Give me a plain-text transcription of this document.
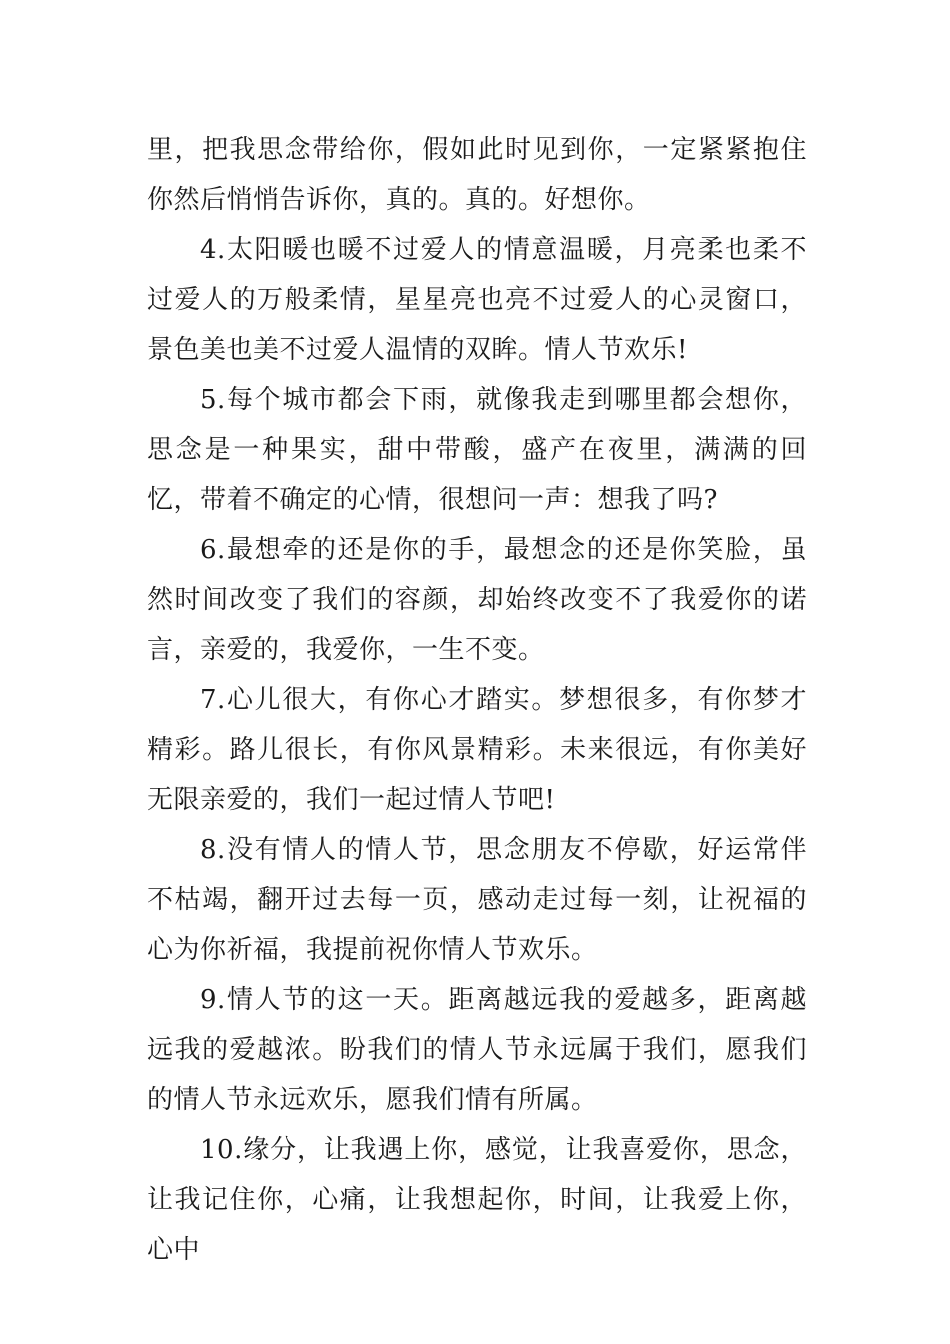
里，把我思念带给你，假如此时见到你，一定紧紧抱住你然后悄悄告诉你，真的。真的。好想你。

4.太阳暖也暖不过爱人的情意温暖，月亮柔也柔不过爱人的万般柔情，星星亮也亮不过爱人的心灵窗口，景色美也美不过爱人温情的双眸。情人节欢乐!

5.每个城市都会下雨，就像我走到哪里都会想你，思念是一种果实，甜中带酸，盛产在夜里，满满的回忆，带着不确定的心情，很想问一声：想我了吗?

6.最想牵的还是你的手，最想念的还是你笑脸，虽然时间改变了我们的容颜，却始终改变不了我爱你的诺言，亲爱的，我爱你，一生不变。

7.心儿很大，有你心才踏实。梦想很多，有你梦才精彩。路儿很长，有你风景精彩。未来很远，有你美好无限亲爱的，我们一起过情人节吧!

8.没有情人的情人节，思念朋友不停歇，好运常伴不枯竭，翻开过去每一页，感动走过每一刻，让祝福的心为你祈福，我提前祝你情人节欢乐。

9.情人节的这一天。距离越远我的爱越多，距离越远我的爱越浓。盼我们的情人节永远属于我们，愿我们的情人节永远欢乐，愿我们情有所属。

10.缘分，让我遇上你，感觉，让我喜爱你，思念，让我记住你，心痛，让我想起你，时间，让我爱上你，心中
